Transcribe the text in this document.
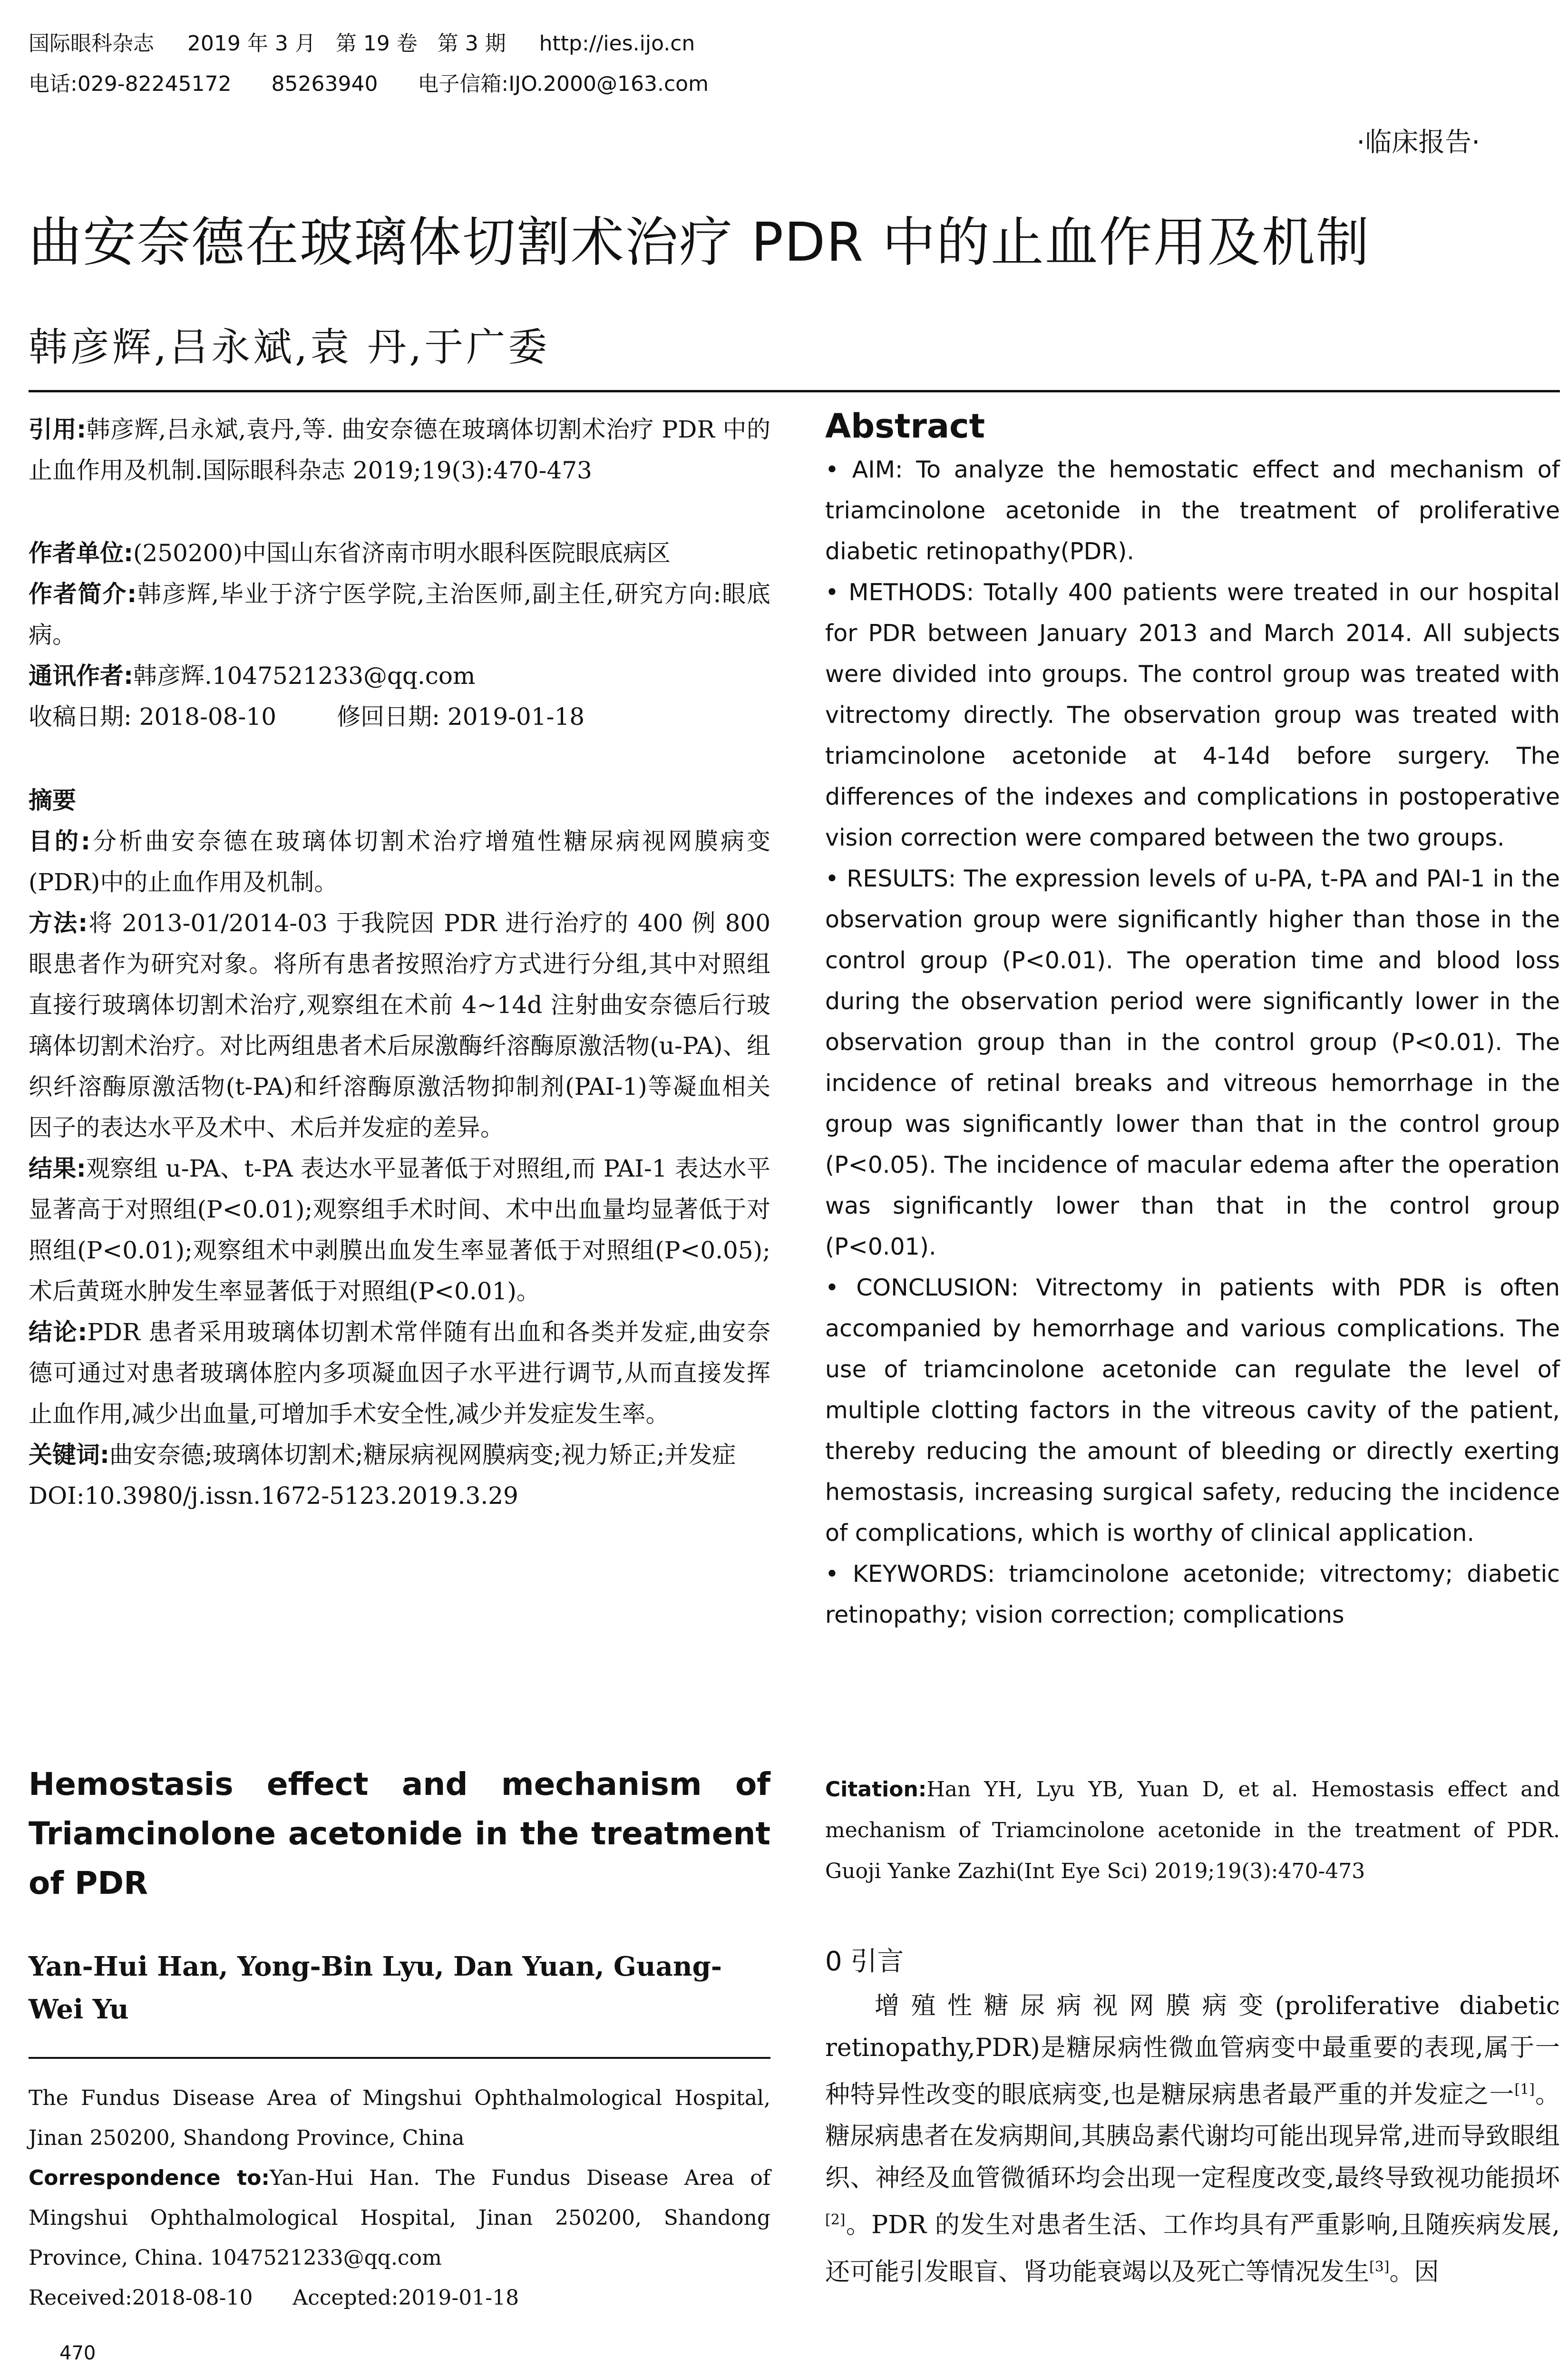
国际眼科杂志     2019 年 3 月   第 19 卷   第 3 期     http://ies.ijo.cn
电话:029-82245172      85263940      电子信箱:IJO.2000@163.com
·临床报告·
曲安奈德在玻璃体切割术治疗 PDR 中的止血作用及机制
韩彦辉,吕永斌,袁 丹,于广委

引用:韩彦辉,吕永斌,袁丹,等. 曲安奈德在玻璃体切割术治疗 PDR 中的止血作用及机制.国际眼科杂志 2019;19(3):470-473

作者单位:(250200)中国山东省济南市明水眼科医院眼底病区

作者简介:韩彦辉,毕业于济宁医学院,主治医师,副主任,研究方向:眼底病。

通讯作者:韩彦辉.1047521233@qq.com

收稿日期: 2018-08-10        修回日期: 2019-01-18

摘要

目的:分析曲安奈德在玻璃体切割术治疗增殖性糖尿病视网膜病变(PDR)中的止血作用及机制。

方法:将 2013-01/2014-03 于我院因 PDR 进行治疗的 400 例 800 眼患者作为研究对象。将所有患者按照治疗方式进行分组,其中对照组直接行玻璃体切割术治疗,观察组在术前 4~14d 注射曲安奈德后行玻璃体切割术治疗。对比两组患者术后尿激酶纤溶酶原激活物(u-PA)、组织纤溶酶原激活物(t-PA)和纤溶酶原激活物抑制剂(PAI-1)等凝血相关因子的表达水平及术中、术后并发症的差异。

结果:观察组 u-PA、t-PA 表达水平显著低于对照组,而 PAI-1 表达水平显著高于对照组(P<0.01);观察组手术时间、术中出血量均显著低于对照组(P<0.01);观察组术中剥膜出血发生率显著低于对照组(P<0.05);术后黄斑水肿发生率显著低于对照组(P<0.01)。

结论:PDR 患者采用玻璃体切割术常伴随有出血和各类并发症,曲安奈德可通过对患者玻璃体腔内多项凝血因子水平进行调节,从而直接发挥止血作用,减少出血量,可增加手术安全性,减少并发症发生率。

关键词:曲安奈德;玻璃体切割术;糖尿病视网膜病变;视力矫正;并发症

DOI:10.3980/j.issn.1672-5123.2019.3.29

Hemostasis effect and mechanism of Triamcinolone acetonide in the treatment of PDR
Yan-Hui Han, Yong-Bin Lyu, Dan Yuan, Guang-Wei Yu

The Fundus Disease Area of Mingshui Ophthalmological Hospital, Jinan 250200, Shandong Province, China

Correspondence to:Yan-Hui Han. The Fundus Disease Area of Mingshui Ophthalmological Hospital, Jinan 250200, Shandong Province, China. 1047521233@qq.com

Received:2018-08-10      Accepted:2019-01-18

Abstract

• AIM: To analyze the hemostatic effect and mechanism of triamcinolone acetonide in the treatment of proliferative diabetic retinopathy(PDR).

• METHODS: Totally 400 patients were treated in our hospital for PDR between January 2013 and March 2014. All subjects were divided into groups. The control group was treated with vitrectomy directly. The observation group was treated with triamcinolone acetonide at 4-14d before surgery. The differences of the indexes and complications in postoperative vision correction were compared between the two groups.

• RESULTS: The expression levels of u-PA, t-PA and PAI-1 in the observation group were significantly higher than those in the control group (P<0.01). The operation time and blood loss during the observation period were significantly lower in the observation group than in the control group (P<0.01). The incidence of retinal breaks and vitreous hemorrhage in the group was significantly lower than that in the control group (P<0.05). The incidence of macular edema after the operation was significantly lower than that in the control group (P<0.01).

• CONCLUSION: Vitrectomy in patients with PDR is often accompanied by hemorrhage and various complications. The use of triamcinolone acetonide can regulate the level of multiple clotting factors in the vitreous cavity of the patient, thereby reducing the amount of bleeding or directly exerting hemostasis, increasing surgical safety, reducing the incidence of complications, which is worthy of clinical application.

• KEYWORDS: triamcinolone acetonide; vitrectomy; diabetic retinopathy; vision correction; complications

Citation:Han YH, Lyu YB, Yuan D, et al. Hemostasis effect and mechanism of Triamcinolone acetonide in the treatment of PDR. Guoji Yanke Zazhi(Int Eye Sci) 2019;19(3):470-473

0 引言

增殖性糖尿病视网膜病变(proliferative diabetic retinopathy,PDR)是糖尿病性微血管病变中最重要的表现,属于一种特异性改变的眼底病变,也是糖尿病患者最严重的并发症之一[1]。糖尿病患者在发病期间,其胰岛素代谢均可能出现异常,进而导致眼组织、神经及血管微循环均会出现一定程度改变,最终导致视功能损坏[2]。PDR 的发生对患者生活、工作均具有严重影响,且随疾病发展,还可能引发眼盲、肾功能衰竭以及死亡等情况发生[3]。因

470
